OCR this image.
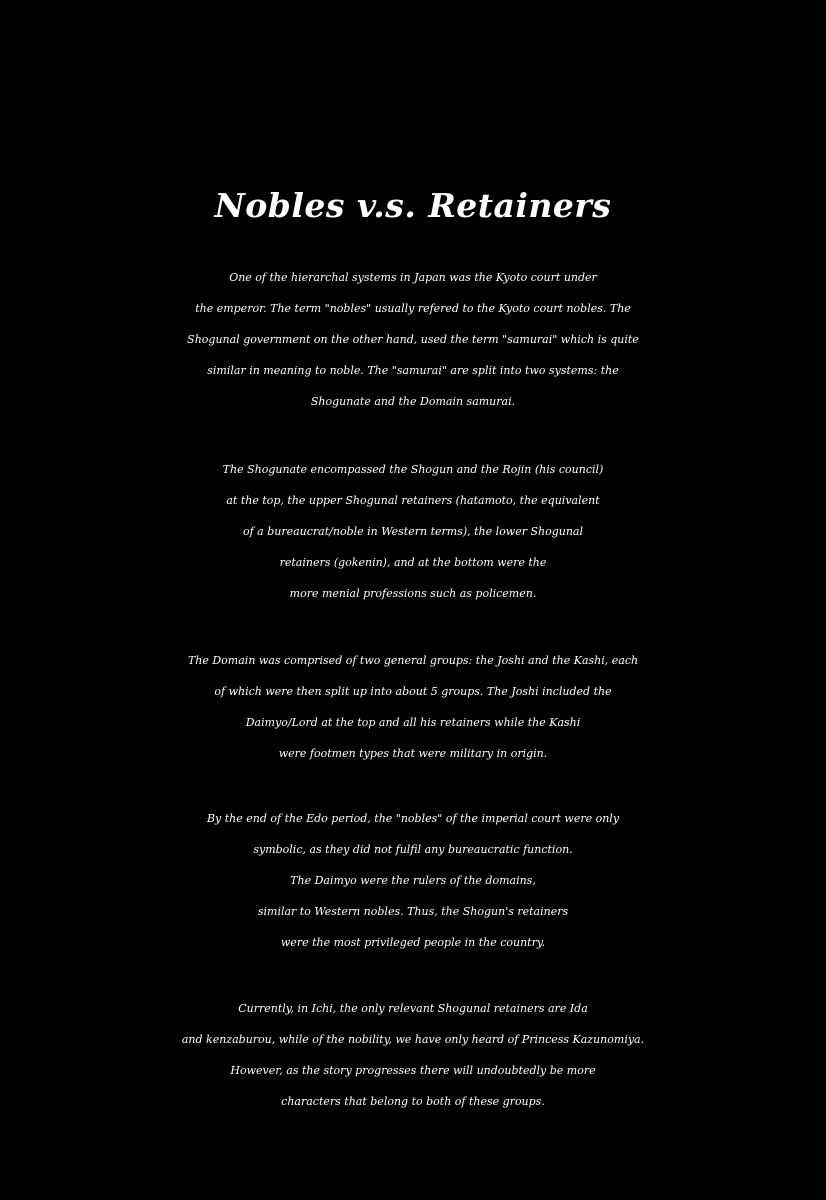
Nobles v.s. Retainers

One of the hierarchal systems in Japan was the Kyoto court under
the emperor. The term "nobles" usually refered to the Kyoto court nobles. The
Shogunal government on the other hand, used the term "samurai" which is quite
similar in meaning to noble. The "samurai" are split into two systems: the
Shogunate and the Domain samurai.

The Shogunate encompassed the Shogun and the Rojin (his council)
at the top, the upper Shogunal retainers (hatamoto, the equivalent
of a bureaucrat/noble in Western terms), the lower Shogunal
retainers (gokenin), and at the bottom were the
more menial professions such as policemen.

The Domain was comprised of two general groups: the Joshi and the Kashi, each
of which were then split up into about 5 groups. The Joshi included the
Daimyo/Lord at the top and all his retainers while the Kashi
were footmen types that were military in origin.

By the end of the Edo period, the "nobles" of the imperial court were only
symbolic, as they did not fulfil any bureaucratic function.
The Daimyo were the rulers of the domains,
similar to Western nobles. Thus, the Shogun's retainers
were the most privileged people in the country.

Currently, in Ichi, the only relevant Shogunal retainers are Ida
and kenzaburou, while of the nobility, we have only heard of Princess Kazunomiya.
However, as the story progresses there will undoubtedly be more
characters that belong to both of these groups.
